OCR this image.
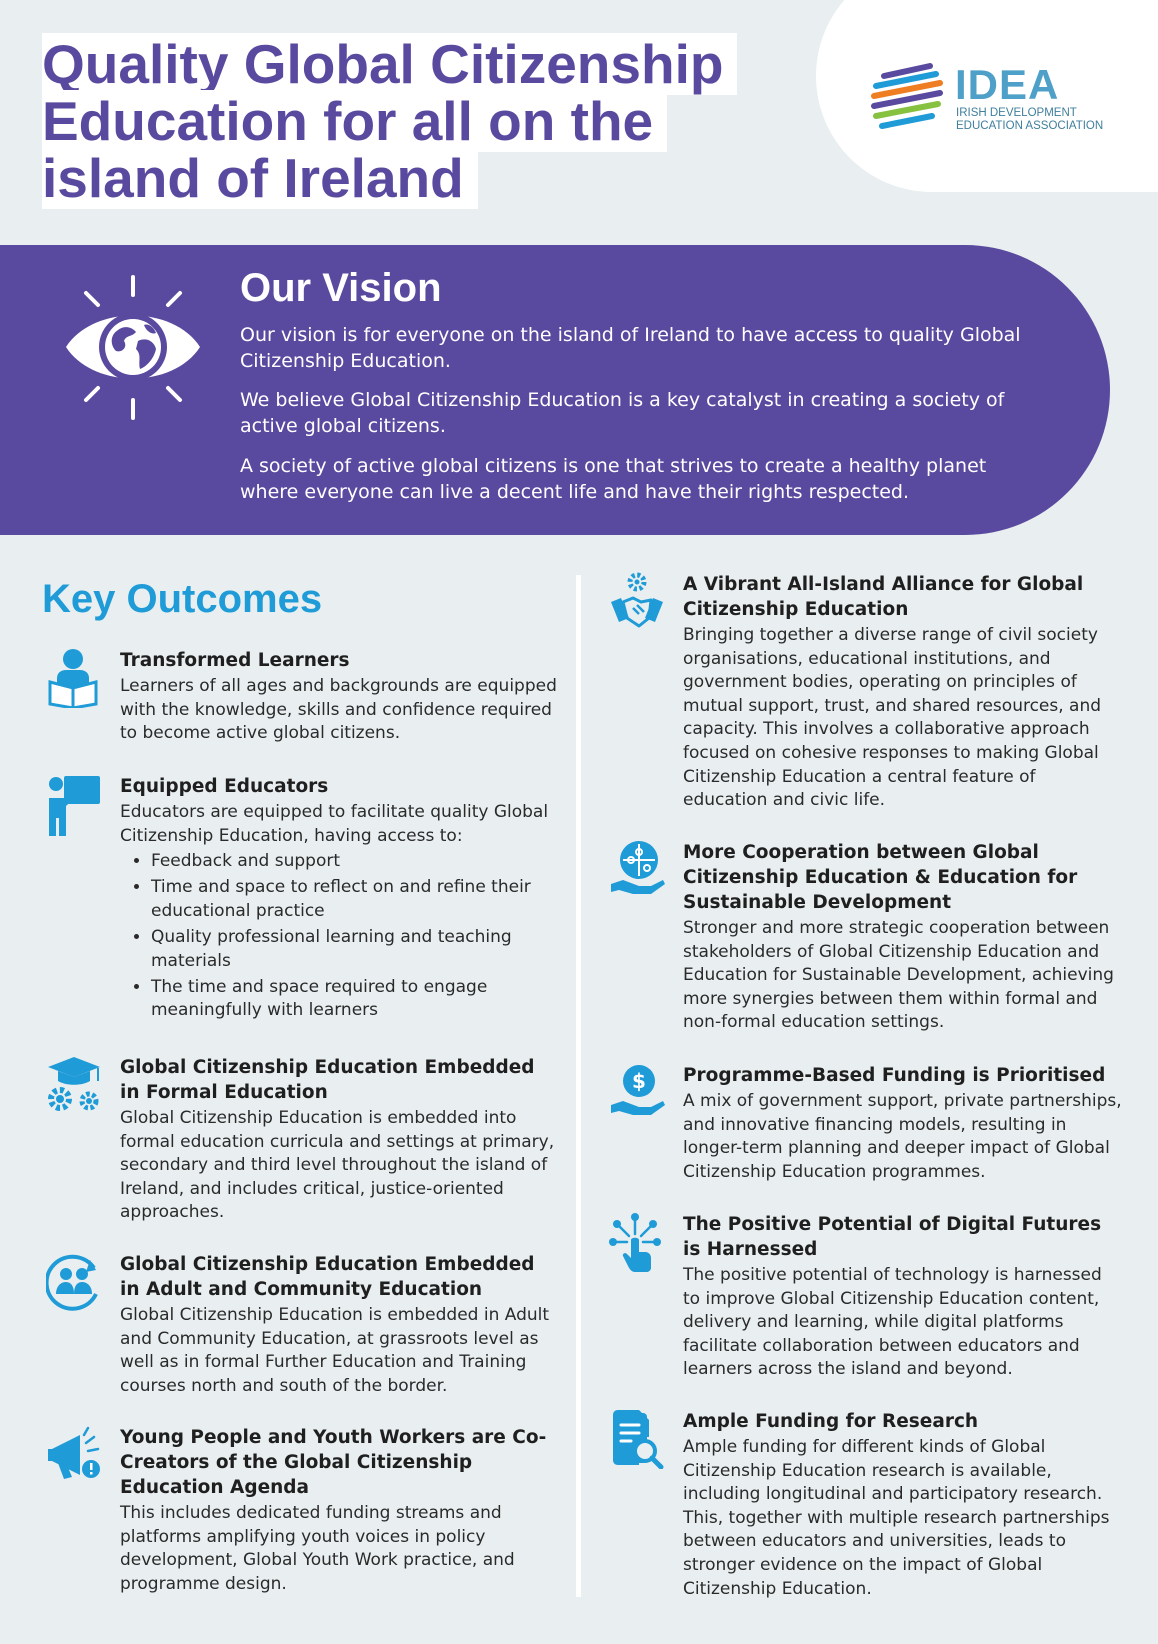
Quality Global Citizenship Education for all on the island of Ireland
IDEA
IRISH DEVELOPMENT EDUCATION ASSOCIATION
Our Vision

Our vision is for everyone on the island of Ireland to have access to quality Global Citizenship Education.

We believe Global Citizenship Education is a key catalyst in creating a society of active global citizens.

A society of active global citizens is one that strives to create a healthy planet where everyone can live a decent life and have their rights respected.

Key Outcomes
Transformed Learners

Learners of all ages and backgrounds are equipped with the knowledge, skills and confidence required to become active global citizens.

Equipped Educators

Educators are equipped to facilitate quality Global Citizenship Education, having access to:

• Feedback and support
• Time and space to reflect on and refine their educational practice
• Quality professional learning and teaching materials
• The time and space required to engage meaningfully with learners
Global Citizenship Education Embedded in Formal Education

Global Citizenship Education is embedded into formal education curricula and settings at primary, secondary and third level throughout the island of Ireland, and includes critical, justice-oriented approaches.

Global Citizenship Education Embedded in Adult and Community Education

Global Citizenship Education is embedded in Adult and Community Education, at grassroots level as well as in formal Further Education and Training courses north and south of the border.

Young People and Youth Workers are Co-Creators of the Global Citizenship Education Agenda

This includes dedicated funding streams and platforms amplifying youth voices in policy development, Global Youth Work practice, and programme design.

A Vibrant All-Island Alliance for Global Citizenship Education

Bringing together a diverse range of civil society organisations, educational institutions, and government bodies, operating on principles of mutual support, trust, and shared resources, and capacity. This involves a collaborative approach focused on cohesive responses to making Global Citizenship Education a central feature of education and civic life.

More Cooperation between Global Citizenship Education & Education for Sustainable Development

Stronger and more strategic cooperation between stakeholders of Global Citizenship Education and Education for Sustainable Development, achieving more synergies between them within formal and non-formal education settings.

$ Programme-Based Funding is Prioritised

A mix of government support, private partnerships, and innovative financing models, resulting in longer-term planning and deeper impact of Global Citizenship Education programmes.

The Positive Potential of Digital Futures is Harnessed

The positive potential of technology is harnessed to improve Global Citizenship Education content, delivery and learning, while digital platforms facilitate collaboration between educators and learners across the island and beyond.

Ample Funding for Research

Ample funding for different kinds of Global Citizenship Education research is available, including longitudinal and participatory research. This, together with multiple research partnerships between educators and universities, leads to stronger evidence on the impact of Global Citizenship Education.
